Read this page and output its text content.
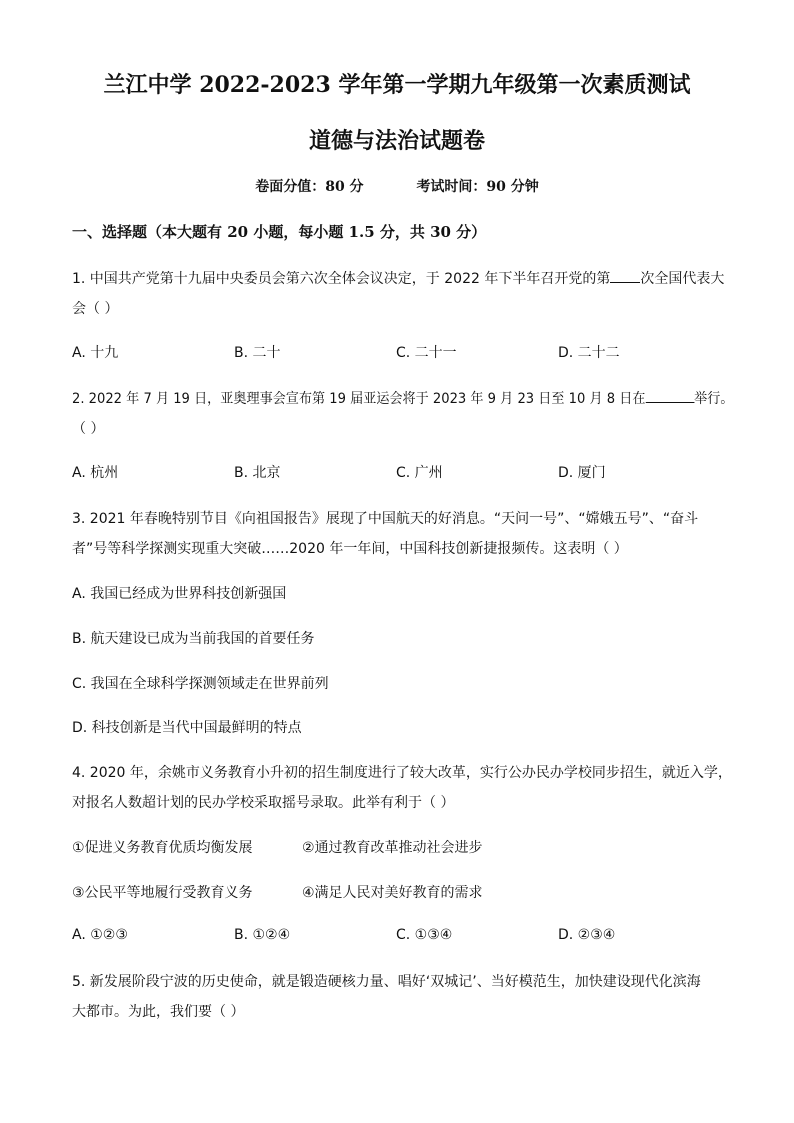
兰江中学 2022-2023 学年第一学期九年级第一次素质测试
道德与法治试题卷
卷面分值：80 分	考试时间：90 分钟
一、选择题（本大题有 20 小题，每小题 1.5 分，共 30 分）
1. 中国共产党第十九届中央委员会第六次全体会议决定，于 2022 年下半年召开党的第 次全国代表大
会（ ）
A. 十九	B. 二十	C. 二十一	D. 二十二
2. 2022 年 7 月 19 日，亚奥理事会宣布第 19 届亚运会将于 2023 年 9 月 23 日至 10 月 8 日在	举行。
（ ）
A. 杭州	B. 北京	C. 广州	D. 厦门
3. 2021 年春晚特别节目《向祖国报告》展现了中国航天的好消息。“天问一号”、“嫦娥五号”、“奋斗
者”号等科学探测实现重大突破……2020 年一年间，中国科技创新捷报频传。这表明（ ）
A. 我国已经成为世界科技创新强国
B. 航天建设已成为当前我国的首要任务
C. 我国在全球科学探测领域走在世界前列
D. 科技创新是当代中国最鲜明的特点
4. 2020 年，余姚市义务教育小升初的招生制度进行了较大改革，实行公办民办学校同步招生，就近入学，
对报名人数超计划的民办学校采取摇号录取。此举有利于（ ）
①促进义务教育优质均衡发展	②通过教育改革推动社会进步
③公民平等地履行受教育义务	④满足人民对美好教育的需求
A. ①②③	B. ①②④	C. ①③④	D. ②③④
5. 新发展阶段宁波的历史使命，就是锻造硬核力量、唱好‘双城记’、当好模范生，加快建设现代化滨海
大都市。为此，我们要（ ）
